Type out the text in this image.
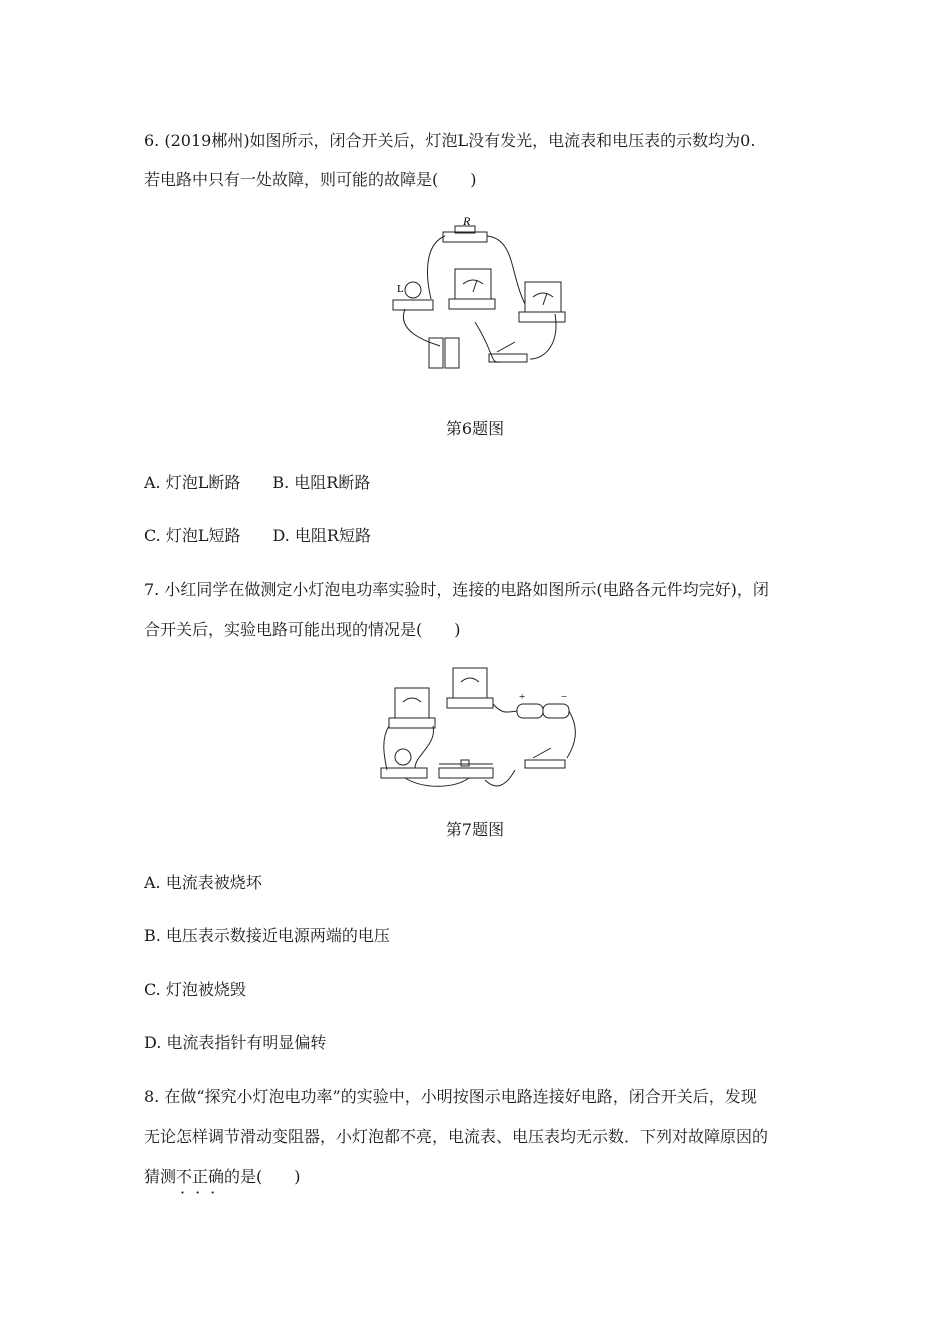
6. (2019郴州)如图所示，闭合开关后，灯泡L没有发光，电流表和电压表的示数均为0.
若电路中只有一处故障，则可能的故障是(　　)
R
L
第6题图
A. 灯泡L断路　　B. 电阻R断路
C. 灯泡L短路　　D. 电阻R短路
7. 小红同学在做测定小灯泡电功率实验时，连接的电路如图所示(电路各元件均完好)，闭
合开关后，实验电路可能出现的情况是(　　)
+	−
第7题图
A. 电流表被烧坏
B. 电压表示数接近电源两端的电压
C. 灯泡被烧毁
D. 电流表指针有明显偏转
8. 在做“探究小灯泡电功率”的实验中，小明按图示电路连接好电路，闭合开关后，发现
无论怎样调节滑动变阻器，小灯泡都不亮，电流表、电压表均无示数．下列对故障原因的
猜测不正确的是(　　)
···
